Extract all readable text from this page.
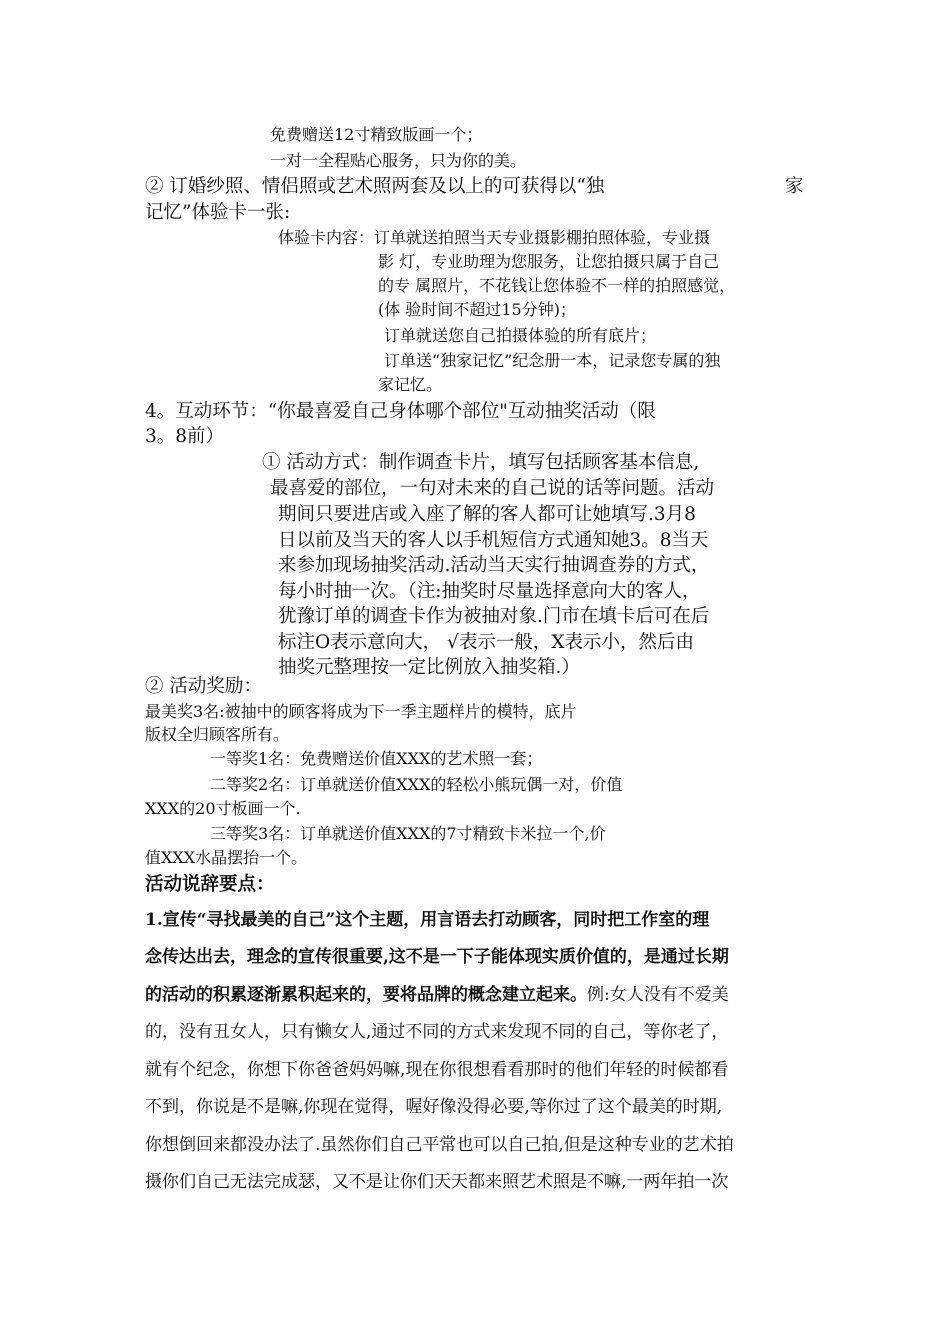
免费赠送12寸精致版画一个；
一对一全程贴心服务，只为你的美。
② 订婚纱照、情侣照或艺术照两套及以上的可获得以“独	家
记忆”体验卡一张:
体验卡内容：订单就送拍照当天专业摄影棚拍照体验，专业摄
影 灯，专业助理为您服务，让您拍摄只属于自己
的专 属照片，不花钱让您体验不一样的拍照感觉，
(体 验时间不超过15分钟)；
订单就送您自己拍摄体验的所有底片；
订单送“独家记忆”纪念册一本，记录您专属的独
家记忆。
4。互动环节：“你最喜爱自己身体哪个部位"互动抽奖活动（限
3。8前）
① 活动方式：制作调查卡片，填写包括顾客基本信息,
最喜爱的部位，一句对未来的自己说的话等问题。活动
期间只要进店或入座了解的客人都可让她填写.3月8
日以前及当天的客人以手机短信方式通知她3。8当天
来参加现场抽奖活动.活动当天实行抽调查券的方式，
每小时抽一次。（注:抽奖时尽量选择意向大的客人，
犹豫订单的调查卡作为被抽对象.门市在填卡后可在后
标注O表示意向大， √表示一般，X表示小，然后由
抽奖元整理按一定比例放入抽奖箱.）
② 活动奖励：
最美奖3名:被抽中的顾客将成为下一季主题样片的模特，底片
版权全归顾客所有。
一等奖1名：免费赠送价值XXX的艺术照一套；
二等奖2名：订单就送价值XXX的轻松小熊玩偶一对，价值
XXX的20寸板画一个.
三等奖3名：订单就送价值XXX的7寸精致卡米拉一个,价
值XXX水晶摆抬一个。
活动说辞要点：
1.宣传“寻找最美的自己”这个主题，用言语去打动顾客，同时把工作室的理
念传达出去，理念的宣传很重要,这不是一下子能体现实质价值的，是通过长期
的活动的积累逐渐累积起来的，要将品牌的概念建立起来。例:女人没有不爱美
的，没有丑女人，只有懒女人,通过不同的方式来发现不同的自己，等你老了，
就有个纪念，你想下你爸爸妈妈嘛,现在你很想看看那时的他们年轻的时候都看
不到，你说是不是嘛,你现在觉得，喔好像没得必要,等你过了这个最美的时期,
你想倒回来都没办法了.虽然你们自己平常也可以自己拍,但是这种专业的艺术拍
摄你们自己无法完成瑟，又不是让你们天天都来照艺术照是不嘛,一两年拍一次
